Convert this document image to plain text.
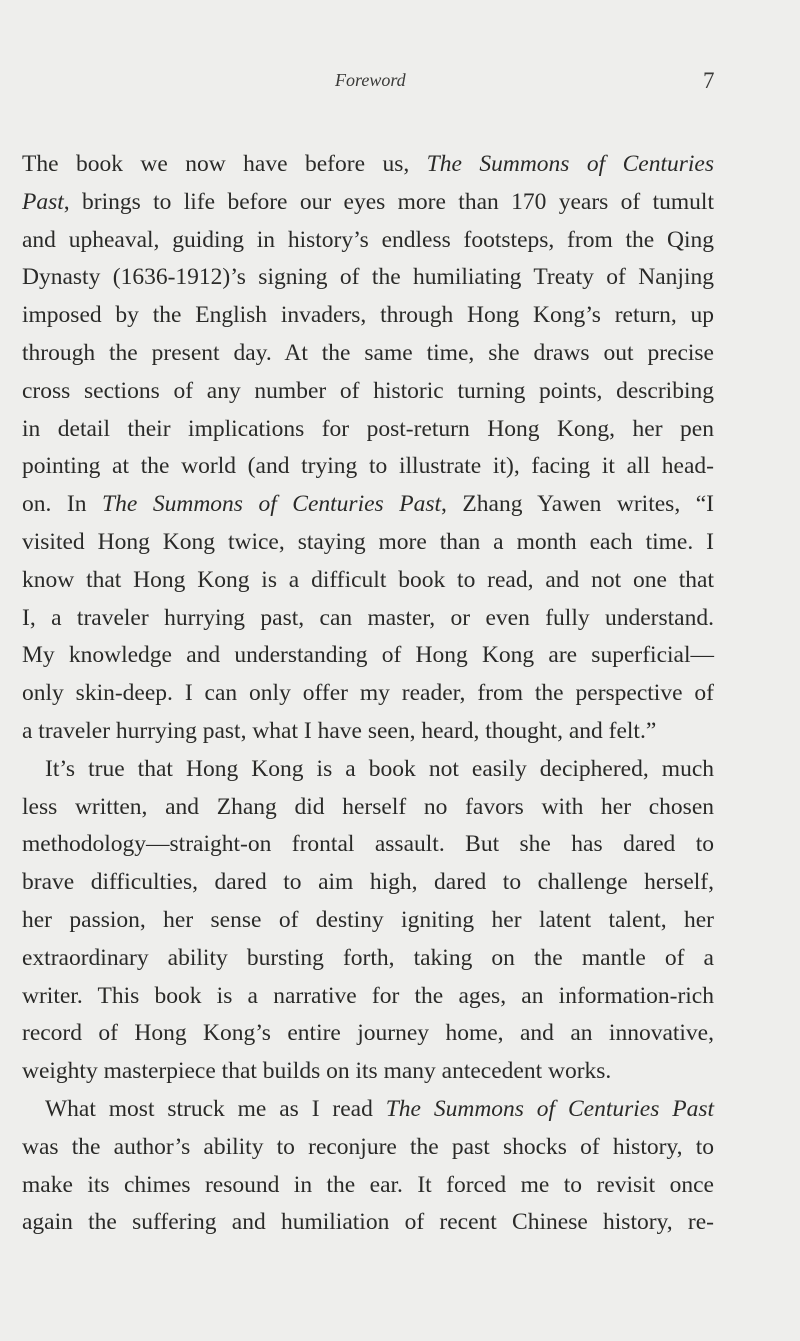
Foreword	7
The book we now have before us, The Summons of Centuries
Past, brings to life before our eyes more than 170 years of tumult
and upheaval, guiding in history’s endless footsteps, from the Qing
Dynasty (1636-1912)’s signing of the humiliating Treaty of Nanjing
imposed by the English invaders, through Hong Kong’s return, up
through the present day. At the same time, she draws out precise
cross sections of any number of historic turning points, describing
in detail their implications for post-return Hong Kong, her pen
pointing at the world (and trying to illustrate it), facing it all head-
on. In The Summons of Centuries Past, Zhang Yawen writes, “I
visited Hong Kong twice, staying more than a month each time. I
know that Hong Kong is a difficult book to read, and not one that
I, a traveler hurrying past, can master, or even fully understand.
My knowledge and understanding of Hong Kong are superficial—
only skin-deep. I can only offer my reader, from the perspective of
a traveler hurrying past, what I have seen, heard, thought, and felt.”
It’s true that Hong Kong is a book not easily deciphered, much
less written, and Zhang did herself no favors with her chosen
methodology—straight-on frontal assault. But she has dared to
brave difficulties, dared to aim high, dared to challenge herself,
her passion, her sense of destiny igniting her latent talent, her
extraordinary ability bursting forth, taking on the mantle of a
writer. This book is a narrative for the ages, an information-rich
record of Hong Kong’s entire journey home, and an innovative,
weighty masterpiece that builds on its many antecedent works.
What most struck me as I read The Summons of Centuries Past
was the author’s ability to reconjure the past shocks of history, to
make its chimes resound in the ear. It forced me to revisit once
again the suffering and humiliation of recent Chinese history, re-
